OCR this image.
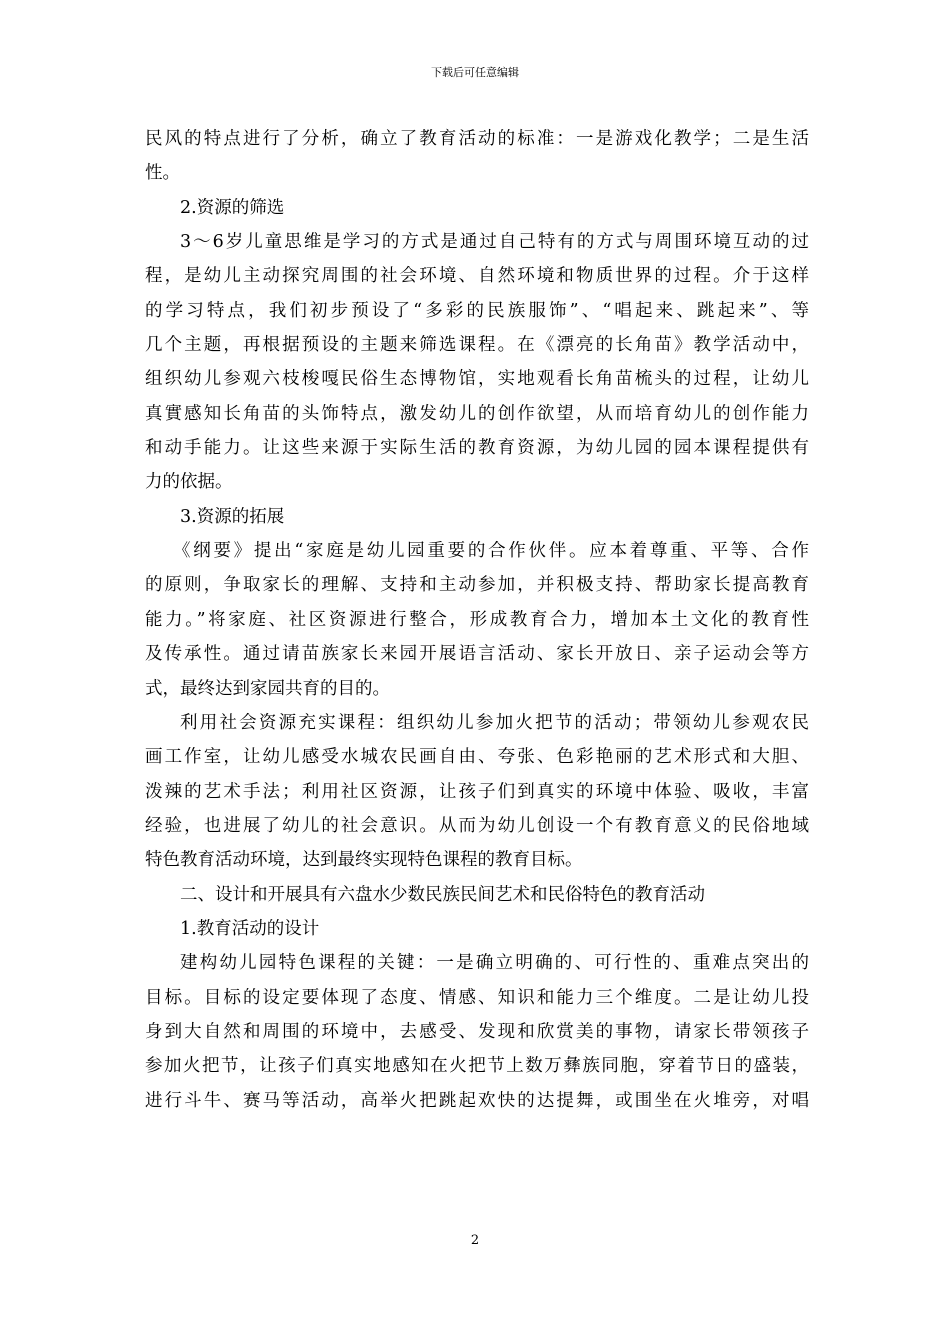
下载后可任意编辑
民风的特点进行了分析，确立了教育活动的标准：一是游戏化教学；二是生活
性。
2.资源的筛选
3～6岁儿童思维是学习的方式是通过自己特有的方式与周围环境互动的过
程，是幼儿主动探究周围的社会环境、自然环境和物质世界的过程。介于这样
的学习特点，我们初步预设了“多彩的民族服饰”、“唱起来、跳起来”、等
几个主题，再根据预设的主题来筛选课程。在《漂亮的长角苗》教学活动中，
组织幼儿参观六枝梭嘎民俗生态博物馆，实地观看长角苗梳头的过程，让幼儿
真實感知长角苗的头饰特点，激发幼儿的创作欲望，从而培育幼儿的创作能力
和动手能力。让这些来源于实际生活的教育资源，为幼儿园的园本课程提供有
力的依据。
3.资源的拓展
《纲要》提出“家庭是幼儿园重要的合作伙伴。应本着尊重、平等、合作
的原则，争取家长的理解、支持和主动参加，并积极支持、帮助家长提高教育
能力。”将家庭、社区资源进行整合，形成教育合力，增加本土文化的教育性
及传承性。通过请苗族家长来园开展语言活动、家长开放日、亲子运动会等方
式，最终达到家园共育的目的。
利用社会资源充实课程：组织幼儿参加火把节的活动；带领幼儿参观农民
画工作室，让幼儿感受水城农民画自由、夸张、色彩艳丽的艺术形式和大胆、
泼辣的艺术手法；利用社区资源，让孩子们到真实的环境中体验、吸收，丰富
经验，也进展了幼儿的社会意识。从而为幼儿创设一个有教育意义的民俗地域
特色教育活动环境，达到最终实现特色课程的教育目标。
二、设计和开展具有六盘水少数民族民间艺术和民俗特色的教育活动
1.教育活动的设计
建构幼儿园特色课程的关键：一是确立明确的、可行性的、重难点突出的
目标。目标的设定要体现了态度、情感、知识和能力三个维度。二是让幼儿投
身到大自然和周围的环境中，去感受、发现和欣赏美的事物，请家长带领孩子
参加火把节，让孩子们真实地感知在火把节上数万彝族同胞，穿着节日的盛装，
进行斗牛、赛马等活动，高举火把跳起欢快的达提舞，或围坐在火堆旁，对唱
2
